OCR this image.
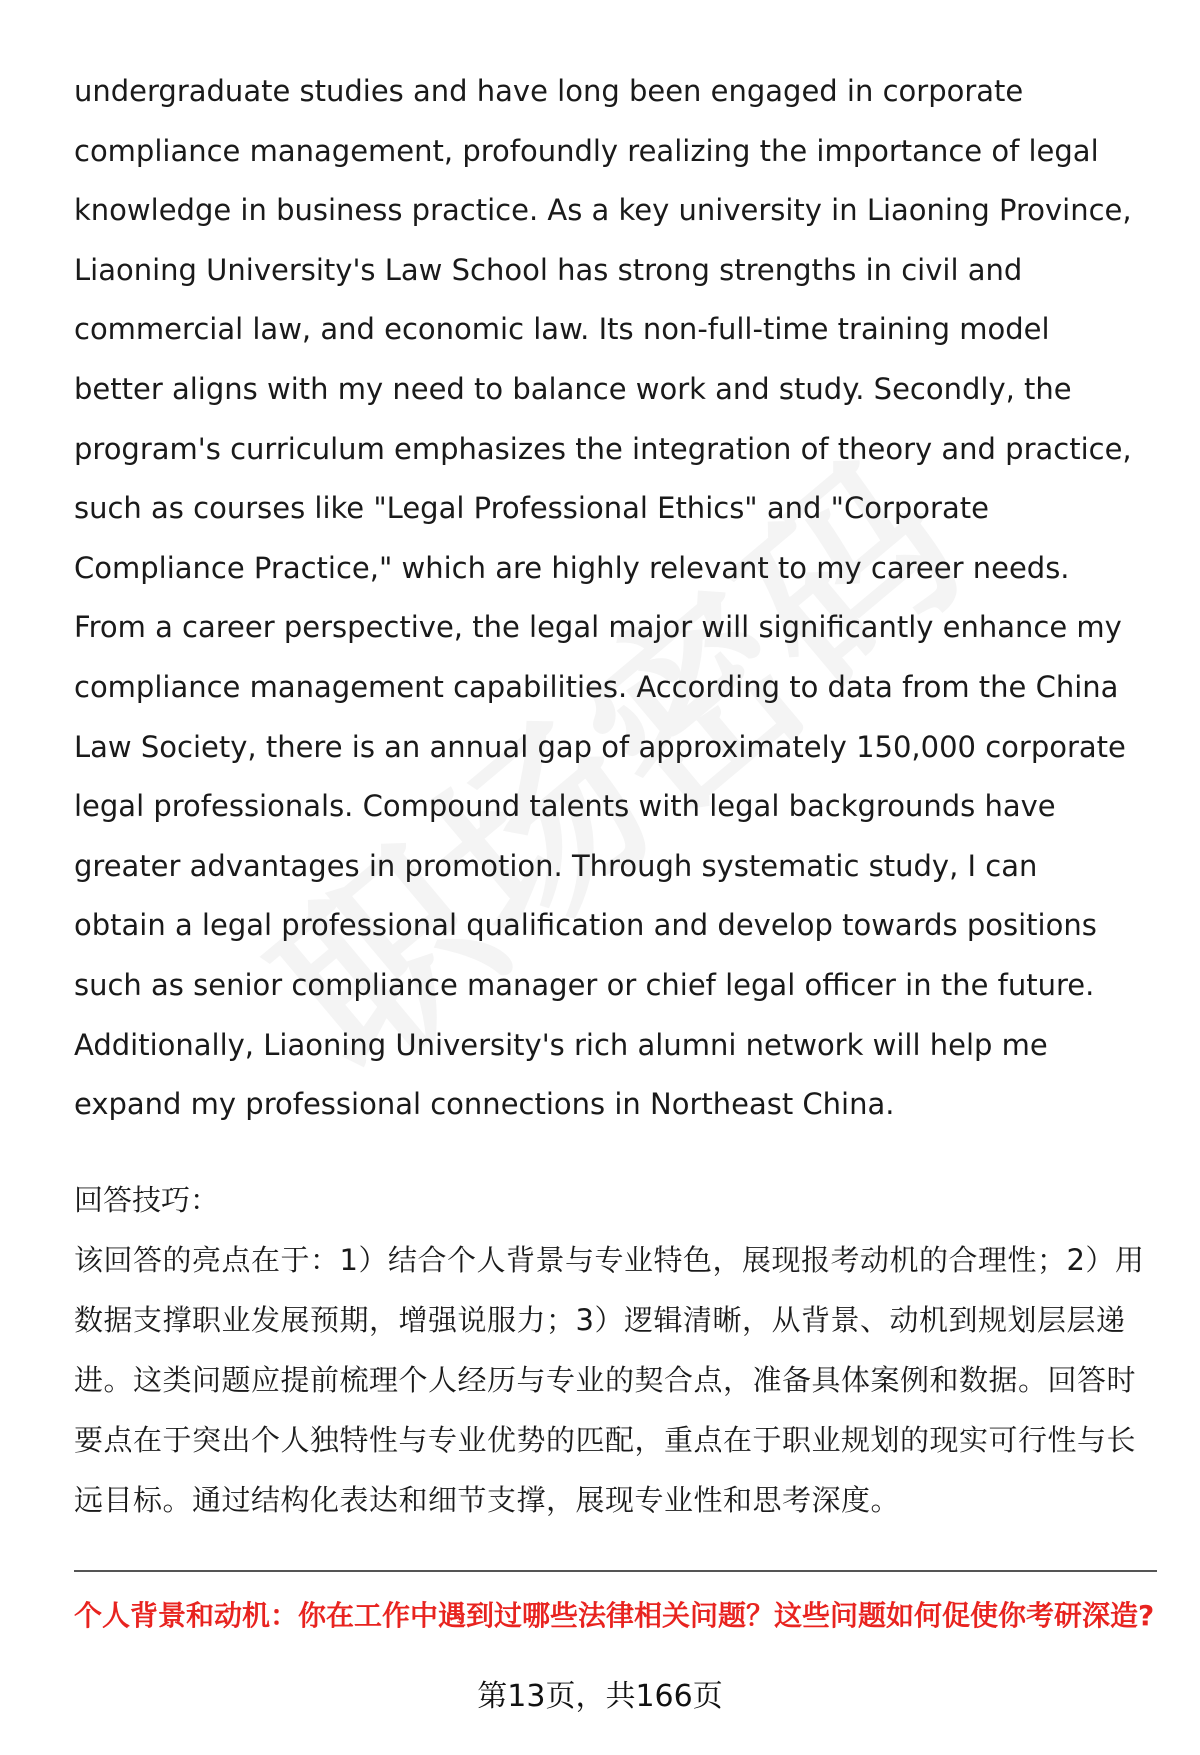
undergraduate studies and have long been engaged in corporate compliance management, profoundly realizing the importance of legal knowledge in business practice. As a key university in Liaoning Province, Liaoning University's Law School has strong strengths in civil and commercial law, and economic law. Its non-full-time training model better aligns with my need to balance work and study. Secondly, the program's curriculum emphasizes the integration of theory and practice, such as courses like "Legal Professional Ethics" and "Corporate Compliance Practice," which are highly relevant to my career needs. From a career perspective, the legal major will significantly enhance my compliance management capabilities. According to data from the China Law Society, there is an annual gap of approximately 150,000 corporate legal professionals. Compound talents with legal backgrounds have greater advantages in promotion. Through systematic study, I can obtain a legal professional qualification and develop towards positions such as senior compliance manager or chief legal officer in the future. Additionally, Liaoning University's rich alumni network will help me expand my professional connections in Northeast China.

回答技巧：

该回答的亮点在于：1）结合个人背景与专业特色，展现报考动机的合理性；2）用数据支撑职业发展预期，增强说服力；3）逻辑清晰，从背景、动机到规划层层递进。这类问题应提前梳理个人经历与专业的契合点，准备具体案例和数据。回答时要点在于突出个人独特性与专业优势的匹配，重点在于职业规划的现实可行性与长远目标。通过结构化表达和细节支撑，展现专业性和思考深度。

个人背景和动机：你在工作中遇到过哪些法律相关问题？这些问题如何促使你考研深造?

第13页，共166页
